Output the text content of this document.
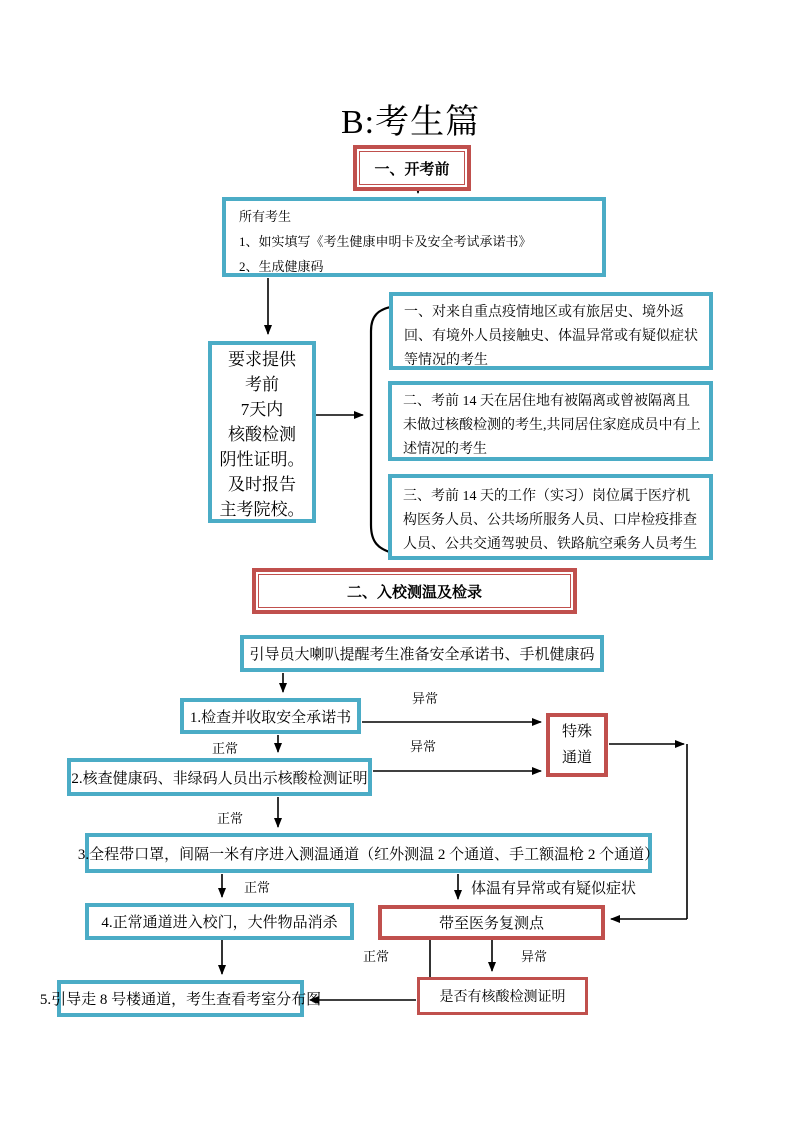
B:考生篇
一、开考前
所有考生
1、如实填写《考生健康申明卡及安全考试承诺书》
2、生成健康码
要求提供
考前
7天内
核酸检测
阴性证明。
及时报告
主考院校。
一、对来自重点疫情地区或有旅居史、境外返回、有境外人员接触史、体温异常或有疑似症状等情况的考生
二、考前 14 天在居住地有被隔离或曾被隔离且未做过核酸检测的考生,共同居住家庭成员中有上述情况的考生
三、考前 14 天的工作（实习）岗位属于医疗机构医务人员、公共场所服务人员、口岸检疫排查人员、公共交通驾驶员、铁路航空乘务人员考生
二、入校测温及检录
引导员大喇叭提醒考生准备安全承诺书、手机健康码
1.检查并收取安全承诺书
2.核查健康码、非绿码人员出示核酸检测证明
3.全程带口罩，间隔一米有序进入测温通道（红外测温 2 个通道、手工额温枪 2 个通道）
4.正常通道进入校门，大件物品消杀
5.引导走 8 号楼通道，考生查看考室分布图
特殊
通道
带至医务复测点
是否有核酸检测证明
异常
异常
异常
正常
正常
正常
正常
体温有异常或有疑似症状
